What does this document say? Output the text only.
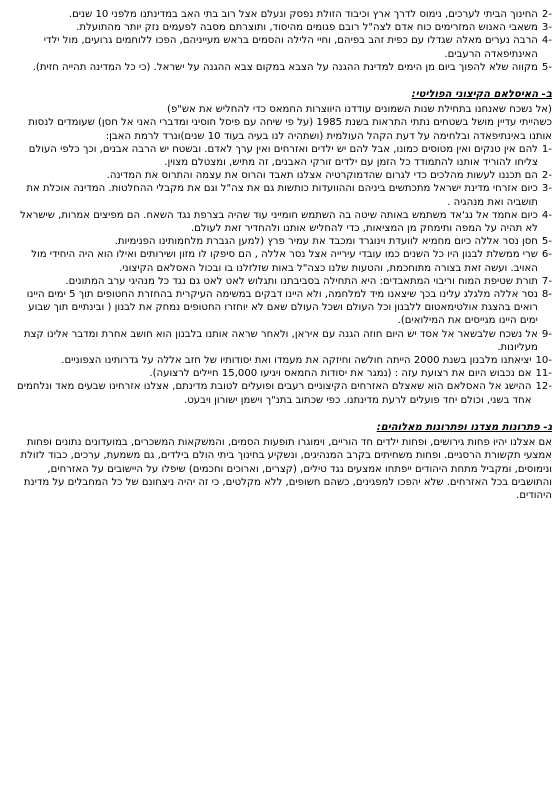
-2
החינוך הביתי לערכים, נימוס לדרך ארץ וכיבוד הזולת נפסק ונעלם אצל רוב בתי האב במדינתנו מלפני 10 שנים.
-3
משאבי האנוש המזרימים כוח אדם לצה"ל רובם פגומים מהיסוד, ותוצרתם מסבה לפעמים נזק יותר מהתועלת.
-4
הרבה נערים מאלה שגדלו עם כפית זהב בפיהם, וחיי הלילה והסמים בראש מעייניהם, הפכו ללוחמים גרועים, מול ילדי האינתיפאדה הרעבים.
-5
מקווה שלא להפוך ביום מן הימים למדינת ההגנה על הצבא במקום צבא ההגנה על ישראל. (כי כל המדינה תהייה חזית).
ב- האיסלאם הקיצוני הפוליטי:

(אל נשכח שאנחנו בתחילת שנות השמונים עודדנו היווצרות החמאס כדי להחליש את אש"פ)

כשהייתי עדיין מושל בשטחים נתתי התראות בשנת 1985 (על פי שיחה עם פיסל חוסיני ומדברי האני אל חסן) שעומדים לנסות אותנו באינתיפאדה ובלחימה על דעת הקהל העולמית (ושתהיה לנו בעיה בעוד 10 שנים)ונרד לרמת האבן:

-1
להם אין טנקים ואין מטוסים כמונו, אבל להם יש ילדים ואזרחים ואין ערך לאדם. ובשטח יש הרבה אבנים, וכך כלפי העולם צליחו להוריד אותנו להתמודד כל הזמן עם ילדים זורקי האבנים, זה מתיש, ומצטלם מצוין.
-2
הם תכננו לעשות מהלכים כדי לגרום שהדמוקרטיה אצלנו תאבד והרוס את עצמה והתרוס את המדינה.
-3
כיום אזרחי מדינת ישראל מתכתשים ביניהם וההוועדות כותשות גם את צה"ל וגם את מקבלי ההחלטות. המדינה אוכלת את תושביה ואת מנהגיה .
-4
כיום אחמד אל נג'אד משתמש באותה שיטה בה השתמש חומייני עוד שהיה בצרפת נגד השאח. הם מפיצים אמרות, שישראל לא תהיה על המפה ותימחק מן המציאות, כדי להחליש אותנו ולהחדיר זאת לעולם.
-5
חסן נסר אללה כיום מחמיא לוועדת וינוגרד ומכבד את עמיר פרץ (למען הגברת מלחמותינו הפנימיות.
-6
שרי ממשלת לבנון היו כל השנים כמו עובדי עירייה אצל נסר אללה , הם סיפקו לו מזון ושירותים ואילו הוא היה היחידי מול האויב. ועשה זאת בצורה מתוחכמת, והטעות שלנו כצה"ל באות שזלזלנו בו ובכול האסלאם הקיצוני.
-7
תורת שטיפת המוח וריבוי המתאבדים: היא התחילה בסביבתנו ותגלוש לאט לאט גם נגד כל מנהיגי ערב המתונים.
-8
נסר אללה מלגלג עלינו בכך שיצאנו מיד למלחמה, ולא היינו דבקים במשימה העיקרית בהחזרת החטופים תוך 5 ימים היינו רואים בהצגת אולטימאטום ללבנון וכל העולם ושכל העולם שאם לא יוחזרו החטופים נמחק את לבנון ( ובינתיים תוך שבוע ימים היינו מגייסים את המילואים).
-9
אל נשכח שלבשאר אל אסד יש היום חוזה הגנה עם איראן, ולאחר שראה אותנו בלבנון הוא חושב אחרת ומדבר אלינו קצת מעליונות.
-10
יציאתנו מלבנון בשנת 2000 הייתה חולשה וחיזקה את מעמדו ואת יסודותיו של חזב אללה על גדרותינו הצפוניים.
-11
אם נכבוש היום את רצועת עזה : (נמגר את יסודות החמאס ויגיעו 15,000 חיילים לרצועה).
-12
ההישג אל האסלאם הוא שאצלם האזרחים הקיצוניים רעבים ופועלים לטובת מדינתם, אצלנו אזרחינו שבעים מאד ונלחמים אחד בשני, וכולם יחד פועלים לרעת מדינתנו. כפי שכתוב בתנ"ך וישמן ישורון ויבעט.
ג- פתרונות מצדנו ופתרונות מאלוהים:

אם אצלנו יהיו פחות גירושים, ופחות ילדים חד הוריים, וימוגרו תופעות הסמים, והמשקאות המשכרים, במועדונים נתונים ופחות אמצעי תקשורת הרסניים. ופחות משחיתים בקרב המנהיגים, ונשקיע בחינוך ביתי הולם בילדים, גם משמעת, ערכים, כבוד לזולת ונימוסים, ומקביל מתחת היהודים ייפתחו אמצעים נגד טילים, (קצרים, וארוכים וחכמים) שיפלו על היישובים על האזרחים, והתושבים בכל האזרחים. שלא יהפכו למפגינים, כשהם חשופים, ללא מקלטים, כי זה יהיה ניצחונם של כל המחבלים על מדינת היהודים.
